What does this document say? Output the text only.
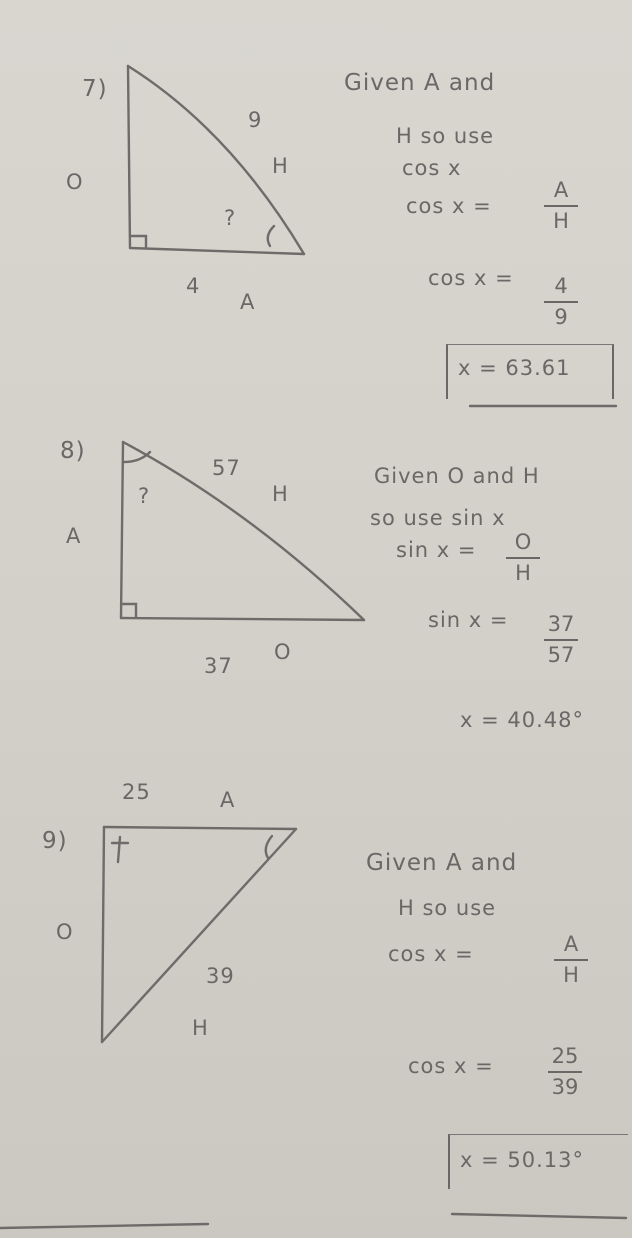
7)
9
H
O
?
4
A
Given A and
H so use
cos x
cos x =
A
H
cos x =	4
9
x = 63.61
8)
57
H
?
A
37
O
Given O and H
so use sin x
sin x =	O
H
sin x =	37
57
x = 40.48°
25	A
9)
O
39
H
Given A and
H so use
cos x =	A
H
cos x =	25
39
x = 50.13°
